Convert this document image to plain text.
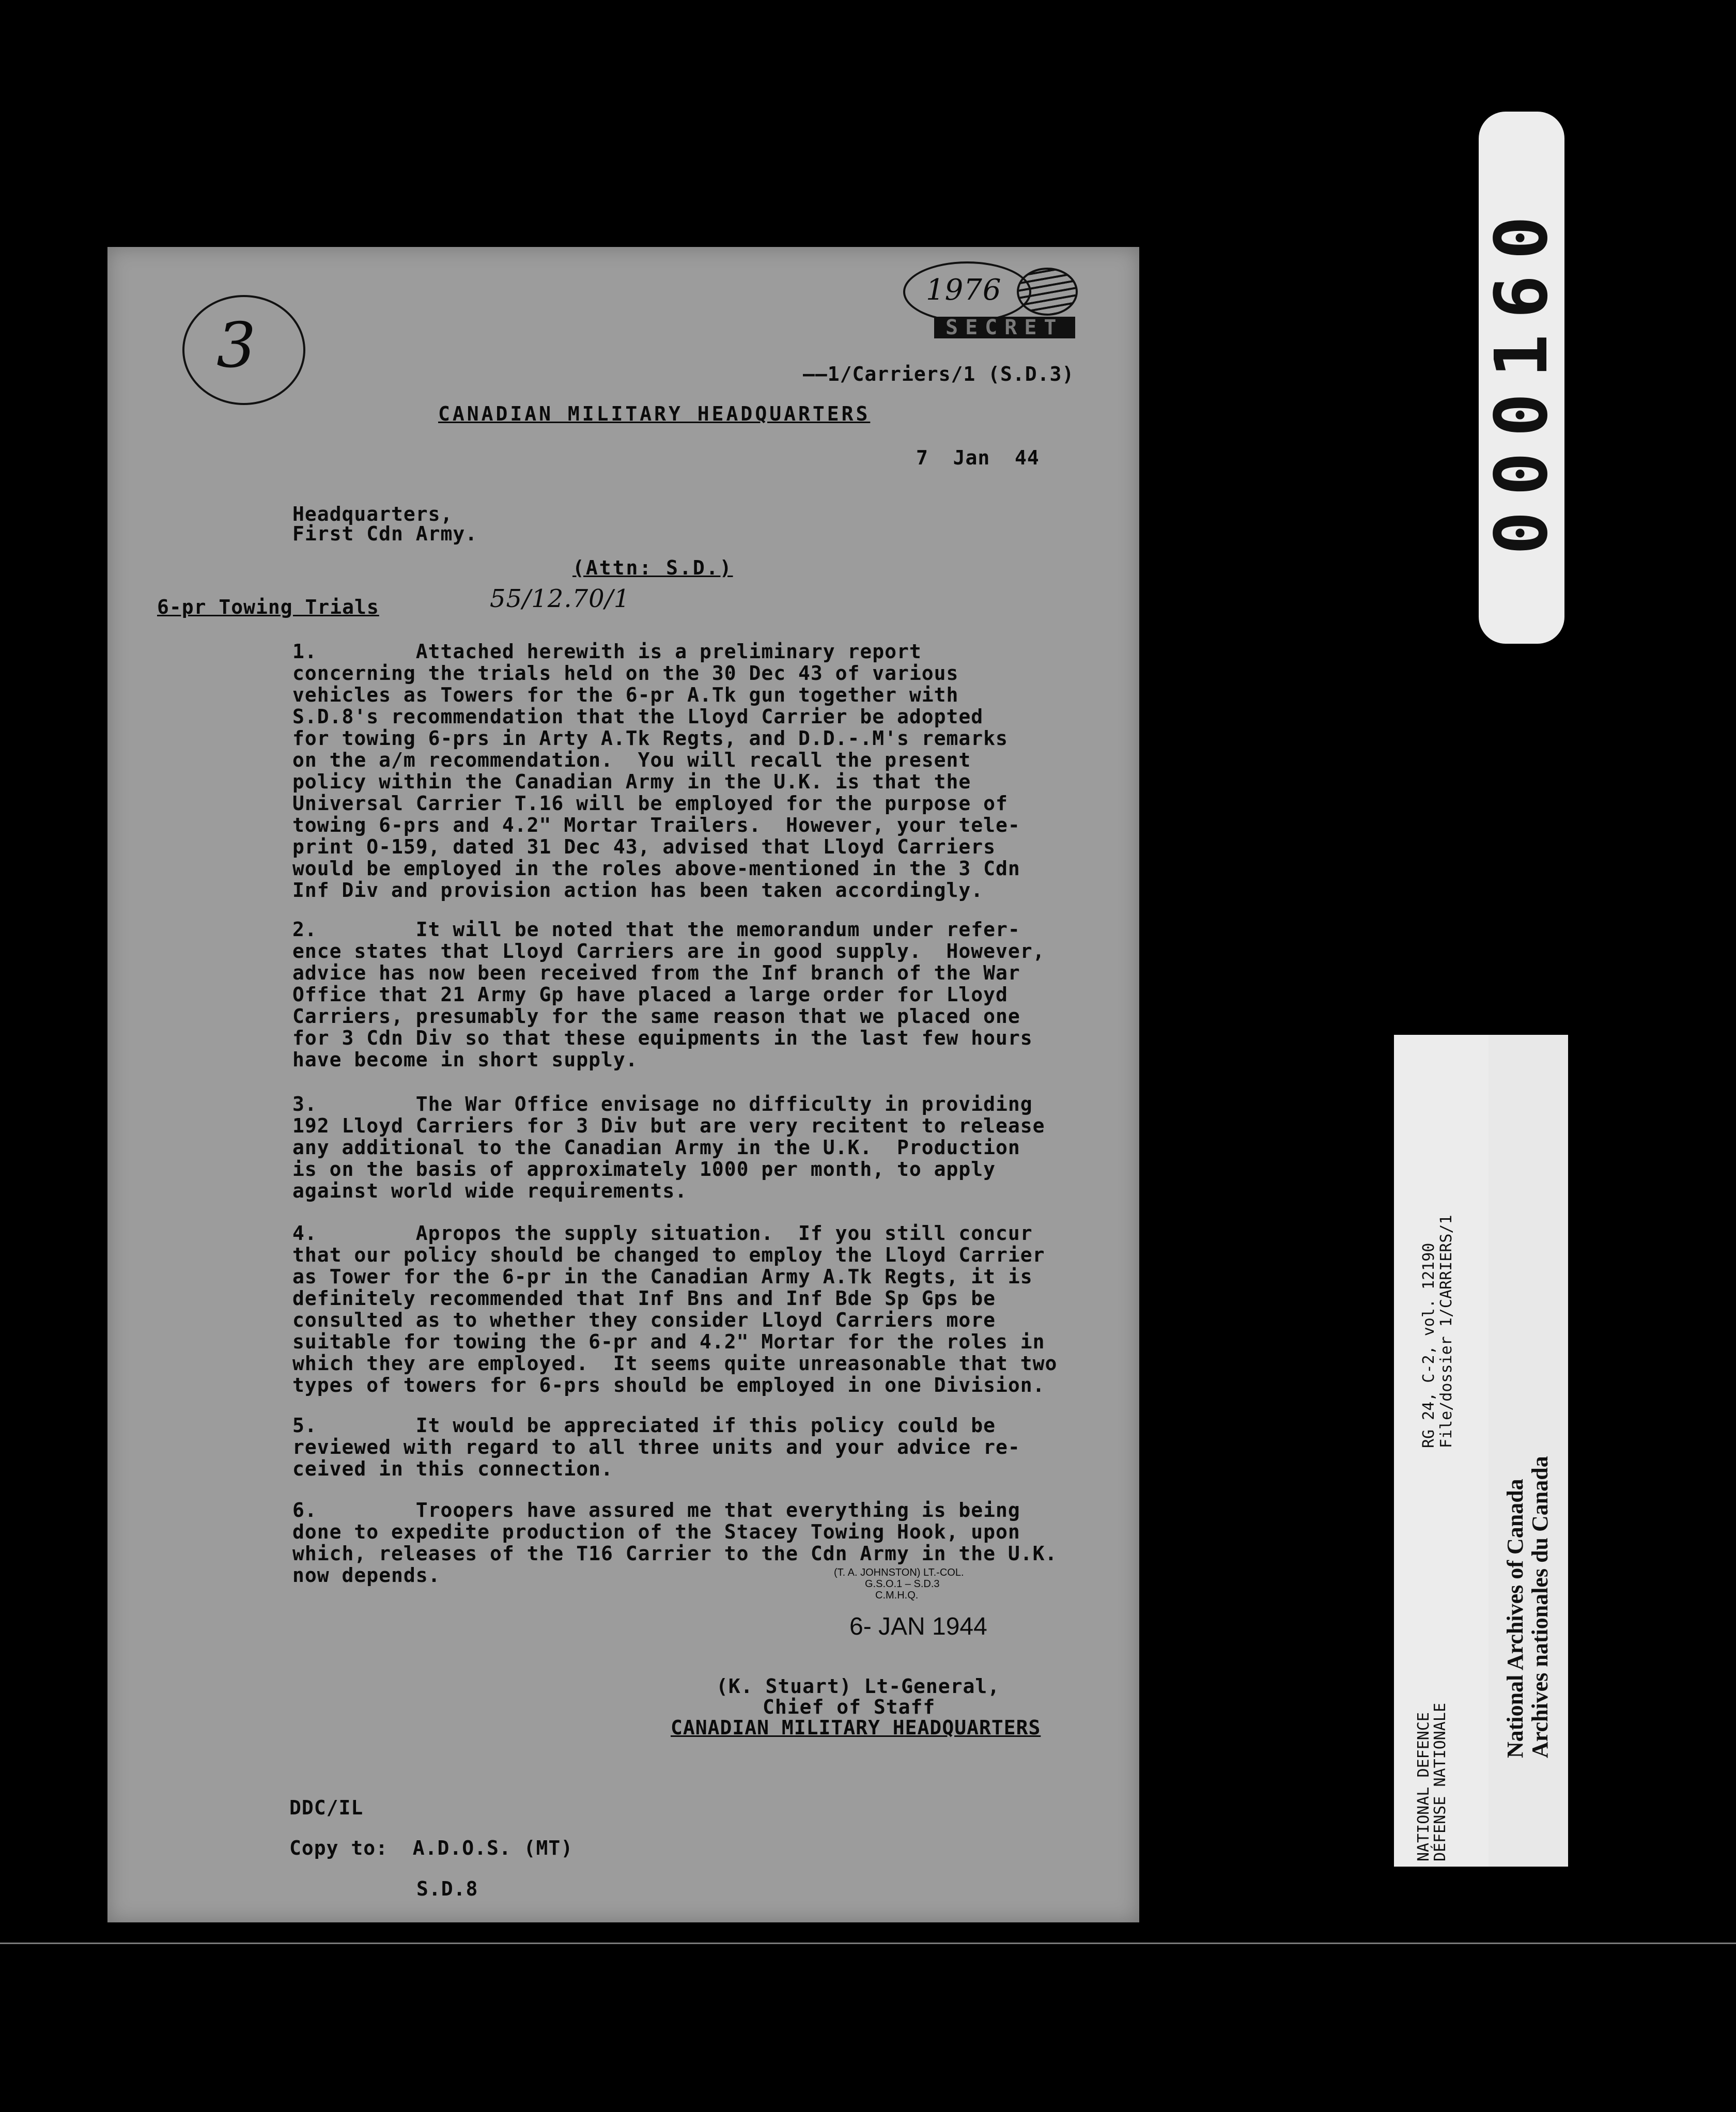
3
1976
SECRET
——1/Carriers/1 (S.D.3)
CANADIAN MILITARY HEADQUARTERS
7  Jan  44
Headquarters,
First Cdn Army.
(Attn: S.D.)
6-pr Towing Trials	55/12.70/1
1.        Attached herewith is a preliminary report
concerning the trials held on the 30 Dec 43 of various
vehicles as Towers for the 6-pr A.Tk gun together with
S.D.8's recommendation that the Lloyd Carrier be adopted
for towing 6-prs in Arty A.Tk Regts, and D.D.-.M's remarks
on the a/m recommendation.  You will recall the present
policy within the Canadian Army in the U.K. is that the
Universal Carrier T.16 will be employed for the purpose of
towing 6-prs and 4.2" Mortar Trailers.  However, your tele-
print O-159, dated 31 Dec 43, advised that Lloyd Carriers
would be employed in the roles above-mentioned in the 3 Cdn
Inf Div and provision action has been taken accordingly.
2.        It will be noted that the memorandum under refer-
ence states that Lloyd Carriers are in good supply.  However,
advice has now been received from the Inf branch of the War
Office that 21 Army Gp have placed a large order for Lloyd
Carriers, presumably for the same reason that we placed one
for 3 Cdn Div so that these equipments in the last few hours
have become in short supply.
3.        The War Office envisage no difficulty in providing
192 Lloyd Carriers for 3 Div but are very recitent to release
any additional to the Canadian Army in the U.K.  Production
is on the basis of approximately 1000 per month, to apply
against world wide requirements.
4.        Apropos the supply situation.  If you still concur
that our policy should be changed to employ the Lloyd Carrier
as Tower for the 6-pr in the Canadian Army A.Tk Regts, it is
definitely recommended that Inf Bns and Inf Bde Sp Gps be
consulted as to whether they consider Lloyd Carriers more
suitable for towing the 6-pr and 4.2" Mortar for the roles in
which they are employed.  It seems quite unreasonable that two
types of towers for 6-prs should be employed in one Division.
5.        It would be appreciated if this policy could be
reviewed with regard to all three units and your advice re-
ceived in this connection.
6.        Troopers have assured me that everything is being
done to expedite production of the Stacey Towing Hook, upon
which, releases of the T16 Carrier to the Cdn Army in the U.K.
now depends.	(T. A. JOHNSTON) LT.-COL.
G.S.O.1 – S.D.3
C.M.H.Q.
6- JAN 1944
(K. Stuart) Lt-General,
Chief of Staff
CANADIAN MILITARY HEADQUARTERS
DDC/IL
Copy to:  A.D.O.S. (MT)
S.D.8
000160
RG 24, C-2, vol. 12190 File/dossier 1/CARRIERS/1
NATIONAL DEFENCE
DÉFENSE NATIONALE
National Archives of Canada Archives nationales du Canada
